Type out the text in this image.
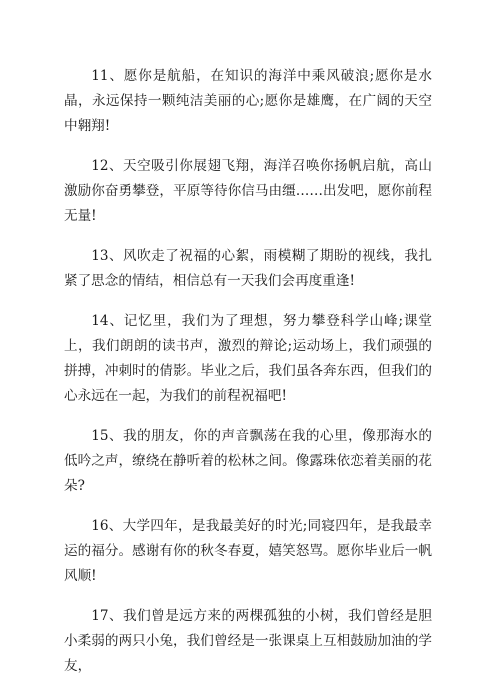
11、愿你是航船，在知识的海洋中乘风破浪;愿你是水晶，永远保持一颗纯洁美丽的心;愿你是雄鹰，在广阔的天空中翱翔!

12、天空吸引你展翅飞翔，海洋召唤你扬帆启航，高山激励你奋勇攀登，平原等待你信马由缰……出发吧，愿你前程无量!

13、风吹走了祝福的心絮，雨模糊了期盼的视线，我扎紧了思念的情结，相信总有一天我们会再度重逢!

14、记忆里，我们为了理想，努力攀登科学山峰;课堂上，我们朗朗的读书声，激烈的辩论;运动场上，我们顽强的拼搏，冲刺时的倩影。毕业之后，我们虽各奔东西，但我们的心永远在一起，为我们的前程祝福吧!

15、我的朋友，你的声音飘荡在我的心里，像那海水的低吟之声，缭绕在静听着的松林之间。像露珠依恋着美丽的花朵?

16、大学四年，是我最美好的时光;同寝四年，是我最幸运的福分。感谢有你的秋冬春夏，嬉笑怒骂。愿你毕业后一帆风顺!

17、我们曾是远方来的两棵孤独的小树，我们曾经是胆小柔弱的两只小兔，我们曾经是一张课桌上互相鼓励加油的学友，
